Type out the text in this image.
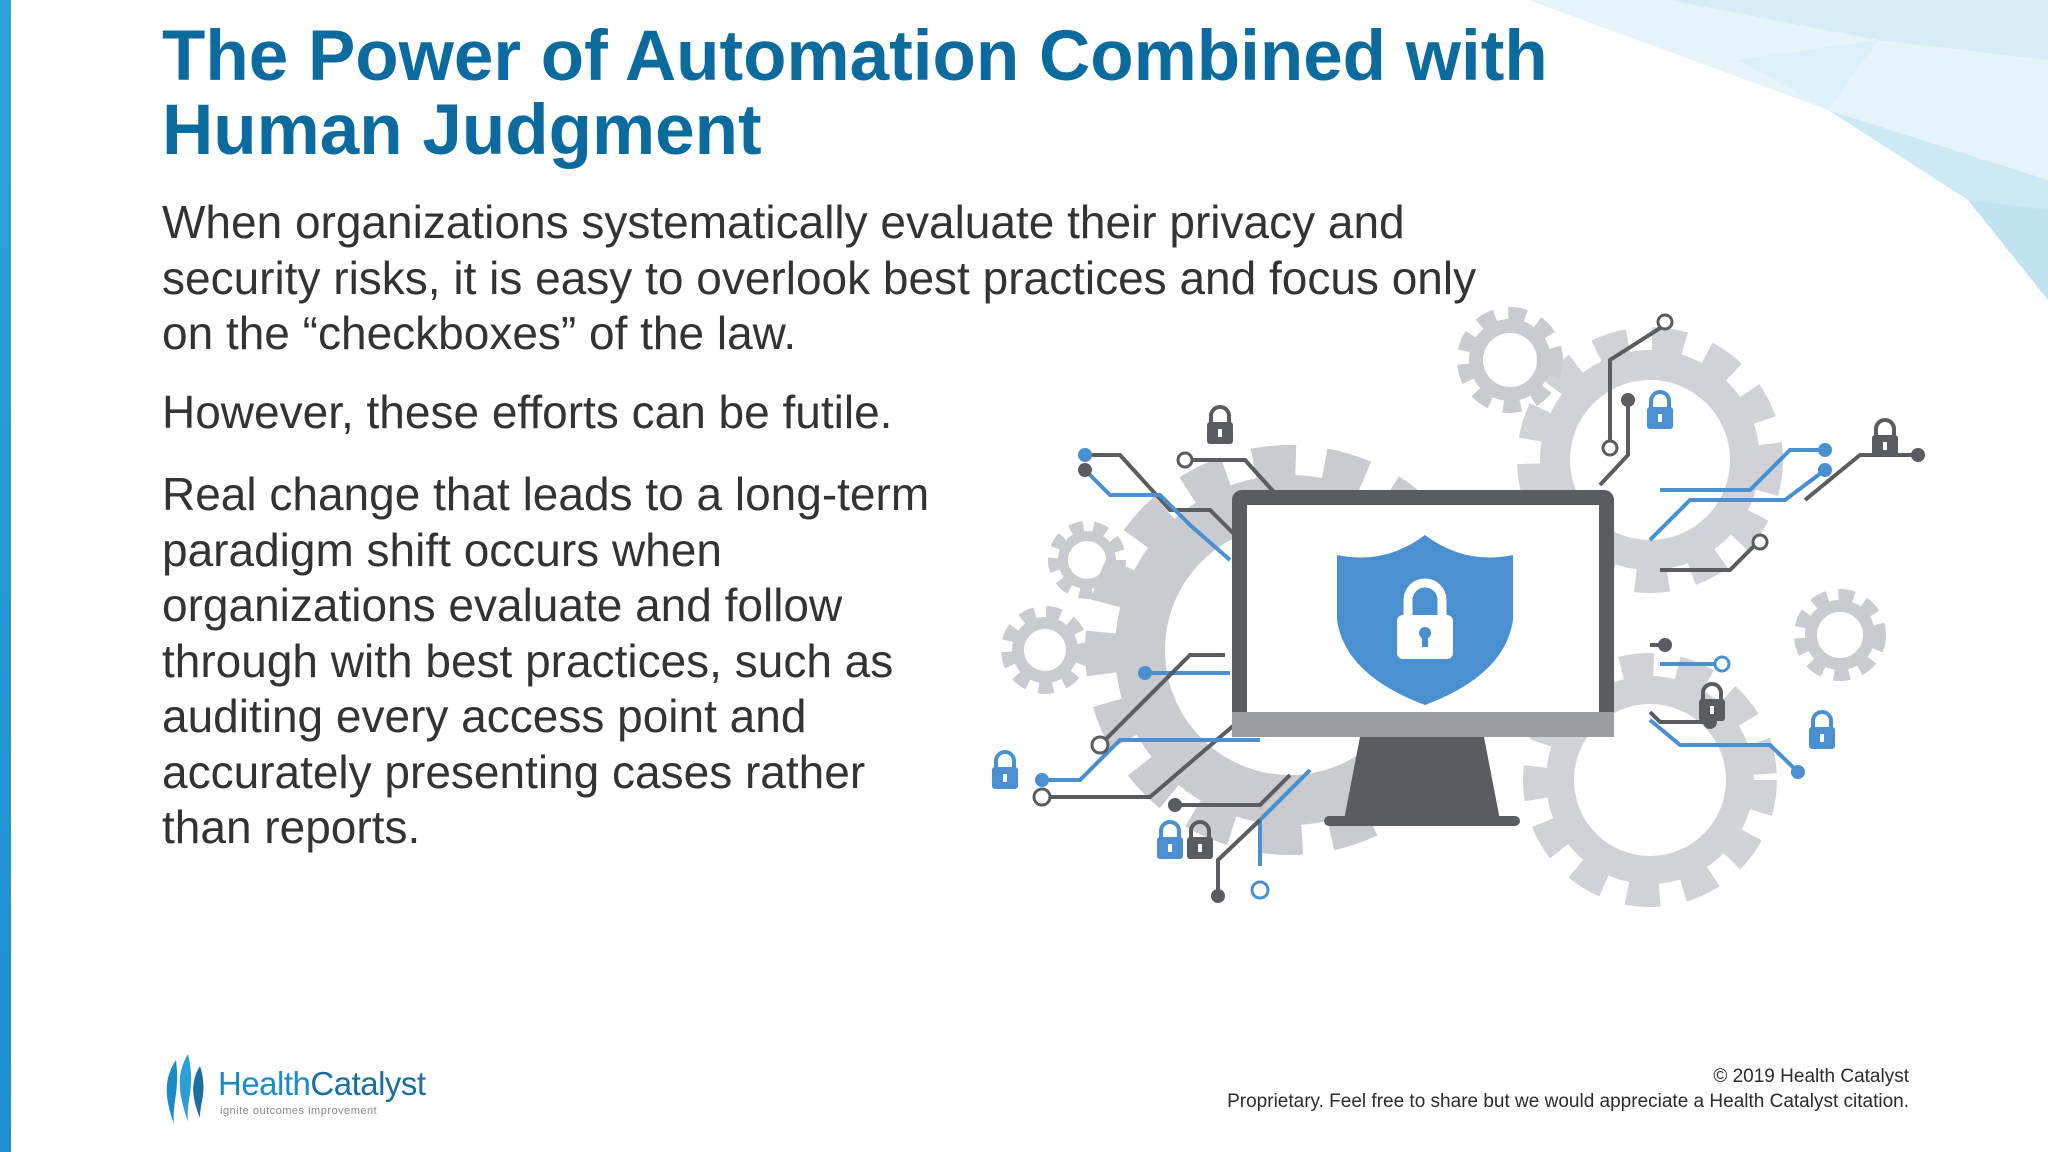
The Power of Automation Combined with Human Judgment

When organizations systematically evaluate their privacy and security risks, it is easy to overlook best practices and focus only on the “checkboxes” of the law.

However, these efforts can be futile.

Real change that leads to a long-term paradigm shift occurs when organizations evaluate and follow through with best practices, such as auditing every access point and accurately presenting cases rather than reports.

HealthCatalyst
ignite outcomes improvement
© 2019 Health Catalyst
Proprietary. Feel free to share but we would appreciate a Health Catalyst citation.
